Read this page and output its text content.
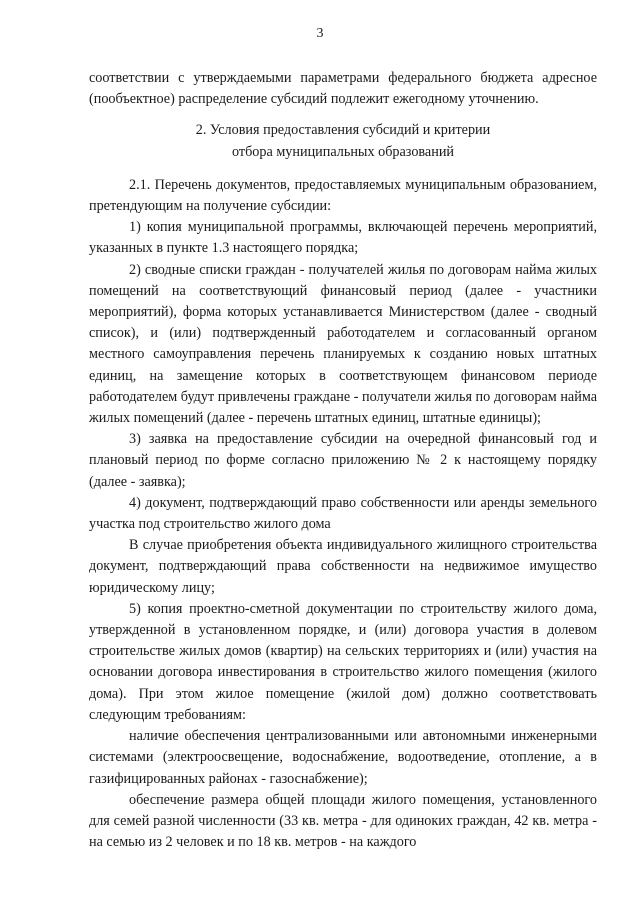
3

соответствии с утверждаемыми параметрами федерального бюджета адресное (пообъектное) распределение субсидий подлежит ежегодному уточнению.

2. Условия предоставления субсидий и критерии
отбора муниципальных образований

2.1. Перечень документов, предоставляемых муниципальным образованием, претендующим на получение субсидии:

1) копия муниципальной программы, включающей перечень мероприятий, указанных в пункте 1.3 настоящего порядка;

2) сводные списки граждан - получателей жилья по договорам найма жилых помещений на соответствующий финансовый период (далее - участники мероприятий), форма которых устанавливается Министерством (далее - сводный список), и (или) подтвержденный работодателем и согласованный органом местного самоуправления перечень планируемых к созданию новых штатных единиц, на замещение которых в соответствующем финансовом периоде работодателем будут привлечены граждане - получатели жилья по договорам найма жилых помещений (далее - перечень штатных единиц, штатные единицы);

3) заявка на предоставление субсидии на очередной финансовый год и плановый период по форме согласно приложению № 2 к настоящему порядку (далее - заявка);

4) документ, подтверждающий право собственности или аренды земельного участка под строительство жилого дома

В случае приобретения объекта индивидуального жилищного строительства документ, подтверждающий права собственности на недвижимое имущество юридическому лицу;

5) копия проектно-сметной документации по строительству жилого дома, утвержденной в установленном порядке, и (или) договора участия в долевом строительстве жилых домов (квартир) на сельских территориях и (или) участия на основании договора инвестирования в строительство жилого помещения (жилого дома). При этом жилое помещение (жилой дом) должно соответствовать следующим требованиям:

наличие обеспечения централизованными или автономными инженерными системами (электроосвещение, водоснабжение, водоотведение, отопление, а в газифицированных районах - газоснабжение);

обеспечение размера общей площади жилого помещения, установленного для семей разной численности (33 кв. метра - для одиноких граждан, 42 кв. метра - на семью из 2 человек и по 18 кв. метров - на каждого
